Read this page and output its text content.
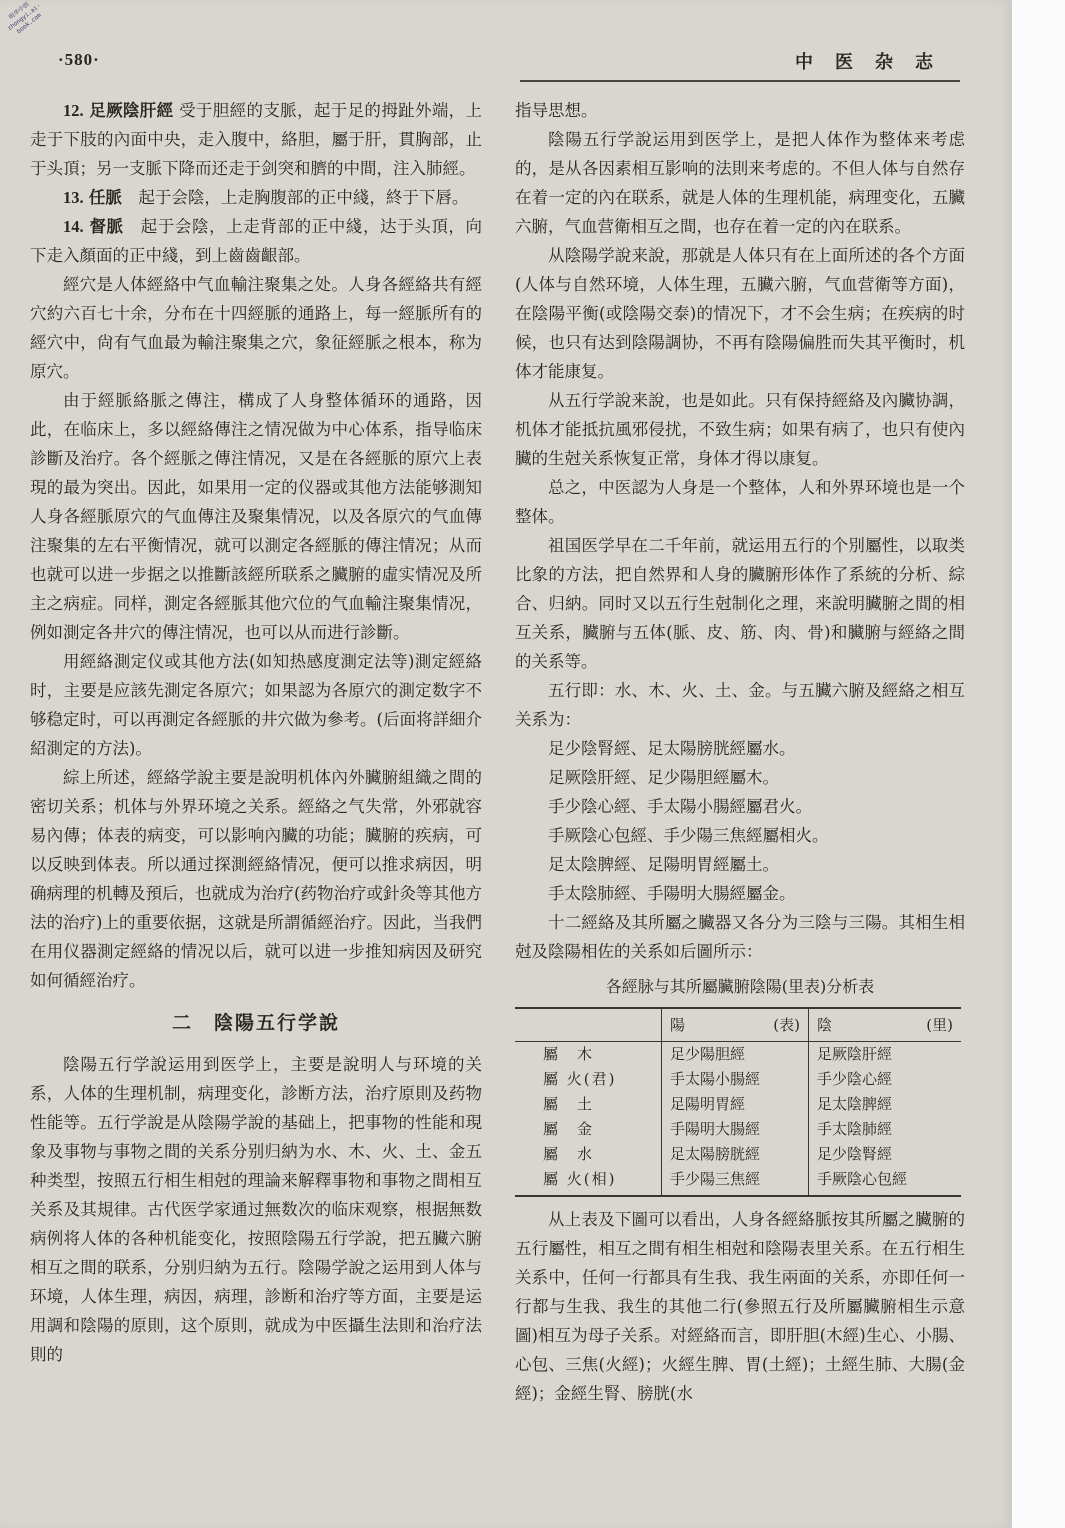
明华中医 zhongyi.ai-book.com
·580·	中医杂志

12. 足厥陰肝經 受于胆經的支脈，起于足的拇趾外端，上走于下肢的內面中央，走入腹中，絡胆，屬于肝，貫胸部，止于头頂；另一支脈下降而还走于剑突和臍的中間，注入肺經。

13. 任脈　起于会陰，上走胸腹部的正中綫，終于下唇。

14. 督脈　起于会陰，上走背部的正中綫，达于头頂，向下走入顏面的正中綫，到上齒齒齦部。

經穴是人体經絡中气血輸注聚集之处。人身各經絡共有經穴約六百七十余，分布在十四經脈的通路上，每一經脈所有的經穴中，尙有气血最为輸注聚集之穴，象征經脈之根本，称为原穴。

由于經脈絡脈之傳注，構成了人身整体循环的通路，因此，在临床上，多以經絡傳注之情况做为中心体系，指导临床診斷及治疗。各个經脈之傳注情况，又是在各經脈的原穴上表現的最为突出。因此，如果用一定的仪器或其他方法能够測知人身各經脈原穴的气血傳注及聚集情况，以及各原穴的气血傳注聚集的左右平衡情况，就可以測定各經脈的傳注情况；从而也就可以进一步据之以推斷該經所联系之臟腑的虛实情况及所主之病症。同样，測定各經脈其他穴位的气血輸注聚集情况，例如測定各井穴的傳注情况，也可以从而进行診斷。

用經絡測定仪或其他方法(如知热感度測定法等)測定經絡时，主要是应該先測定各原穴；如果認为各原穴的測定数字不够稳定时，可以再測定各經脈的井穴做为參考。(后面将詳細介紹測定的方法)。

綜上所述，經絡学說主要是說明机体內外臟腑組織之間的密切关系；机体与外界环境之关系。經絡之气失常，外邪就容易內傳；体表的病变，可以影响內臟的功能；臟腑的疾病，可以反映到体表。所以通过探測經絡情况，便可以推求病因，明确病理的机轉及預后，也就成为治疗(药物治疗或針灸等其他方法的治疗)上的重要依据，这就是所謂循經治疗。因此，当我們在用仪器測定經絡的情况以后，就可以进一步推知病因及研究如何循經治疗。

二　陰陽五行学說

陰陽五行学說运用到医学上，主要是說明人与环境的关系，人体的生理机制，病理变化，診断方法，治疗原則及药物性能等。五行学說是从陰陽学說的基础上，把事物的性能和現象及事物与事物之間的关系分别归納为水、木、火、土、金五种类型，按照五行相生相尅的理論来解釋事物和事物之間相互关系及其規律。古代医学家通过無数次的临床观察，根据無数病例将人体的各种机能变化，按照陰陽五行学說，把五臟六腑相互之間的联系，分别归納为五行。陰陽学說之运用到人体与环境，人体生理，病因，病理，診断和治疗等方面，主要是运用調和陰陽的原則，这个原則，就成为中医攝生法則和治疗法則的

指导思想。

陰陽五行学說运用到医学上，是把人体作为整体来考虑的，是从各因素相互影响的法則来考虑的。不但人体与自然存在着一定的內在联系，就是人体的生理机能，病理变化，五臟六腑，气血营衛相互之間，也存在着一定的內在联系。

从陰陽学說来說，那就是人体只有在上面所述的各个方面(人体与自然环境，人体生理，五臟六腑，气血营衛等方面)，在陰陽平衡(或陰陽交泰)的情况下，才不会生病；在疾病的时候，也只有达到陰陽調协，不再有陰陽偏胜而失其平衡时，机体才能康复。

从五行学說来說，也是如此。只有保持經絡及內臟协調，机体才能抵抗風邪侵扰，不致生病；如果有病了，也只有使內臟的生尅关系恢复正常，身体才得以康复。

总之，中医認为人身是一个整体，人和外界环境也是一个整体。

祖国医学早在二千年前，就运用五行的个別屬性，以取类比象的方法，把自然界和人身的臟腑形体作了系統的分析、綜合、归納。同时又以五行生尅制化之理，来說明臟腑之間的相互关系，臟腑与五体(脈、皮、筋、肉、骨)和臟腑与經絡之間的关系等。

五行即：水、木、火、土、金。与五臟六腑及經絡之相互关系为：

足少陰腎經、足太陽膀胱經屬水。

足厥陰肝經、足少陽胆經屬木。

手少陰心經、手太陽小腸經屬君火。

手厥陰心包經、手少陽三焦經屬相火。

足太陰脾經、足陽明胃經屬土。

手太陰肺經、手陽明大腸經屬金。

十二經絡及其所屬之臟器又各分为三陰与三陽。其相生相尅及陰陽相佐的关系如后圖所示：

各經脉与其所屬臟腑陰陽(里表)分析表

	陽 (表)	陰 (里)

屬　木	足少陽胆經	足厥陰肝經
屬 火(君)	手太陽小腸經	手少陰心經
屬　土	足陽明胃經	足太陰脾經
屬　金	手陽明大腸經	手太陰肺經
屬　水	足太陽膀胱經	足少陰腎經
屬 火(相)	手少陽三焦經	手厥陰心包經

从上表及下圖可以看出，人身各經絡脈按其所屬之臟腑的五行屬性，相互之間有相生相尅和陰陽表里关系。在五行相生关系中，任何一行都具有生我、我生兩面的关系，亦即任何一行都与生我、我生的其他二行(參照五行及所屬臟腑相生示意圖)相互为母子关系。对經絡而言，即肝胆(木經)生心、小腸、心包、三焦(火經)；火經生脾、胃(土經)；土經生肺、大腸(金經)；金經生腎、膀胱(水
